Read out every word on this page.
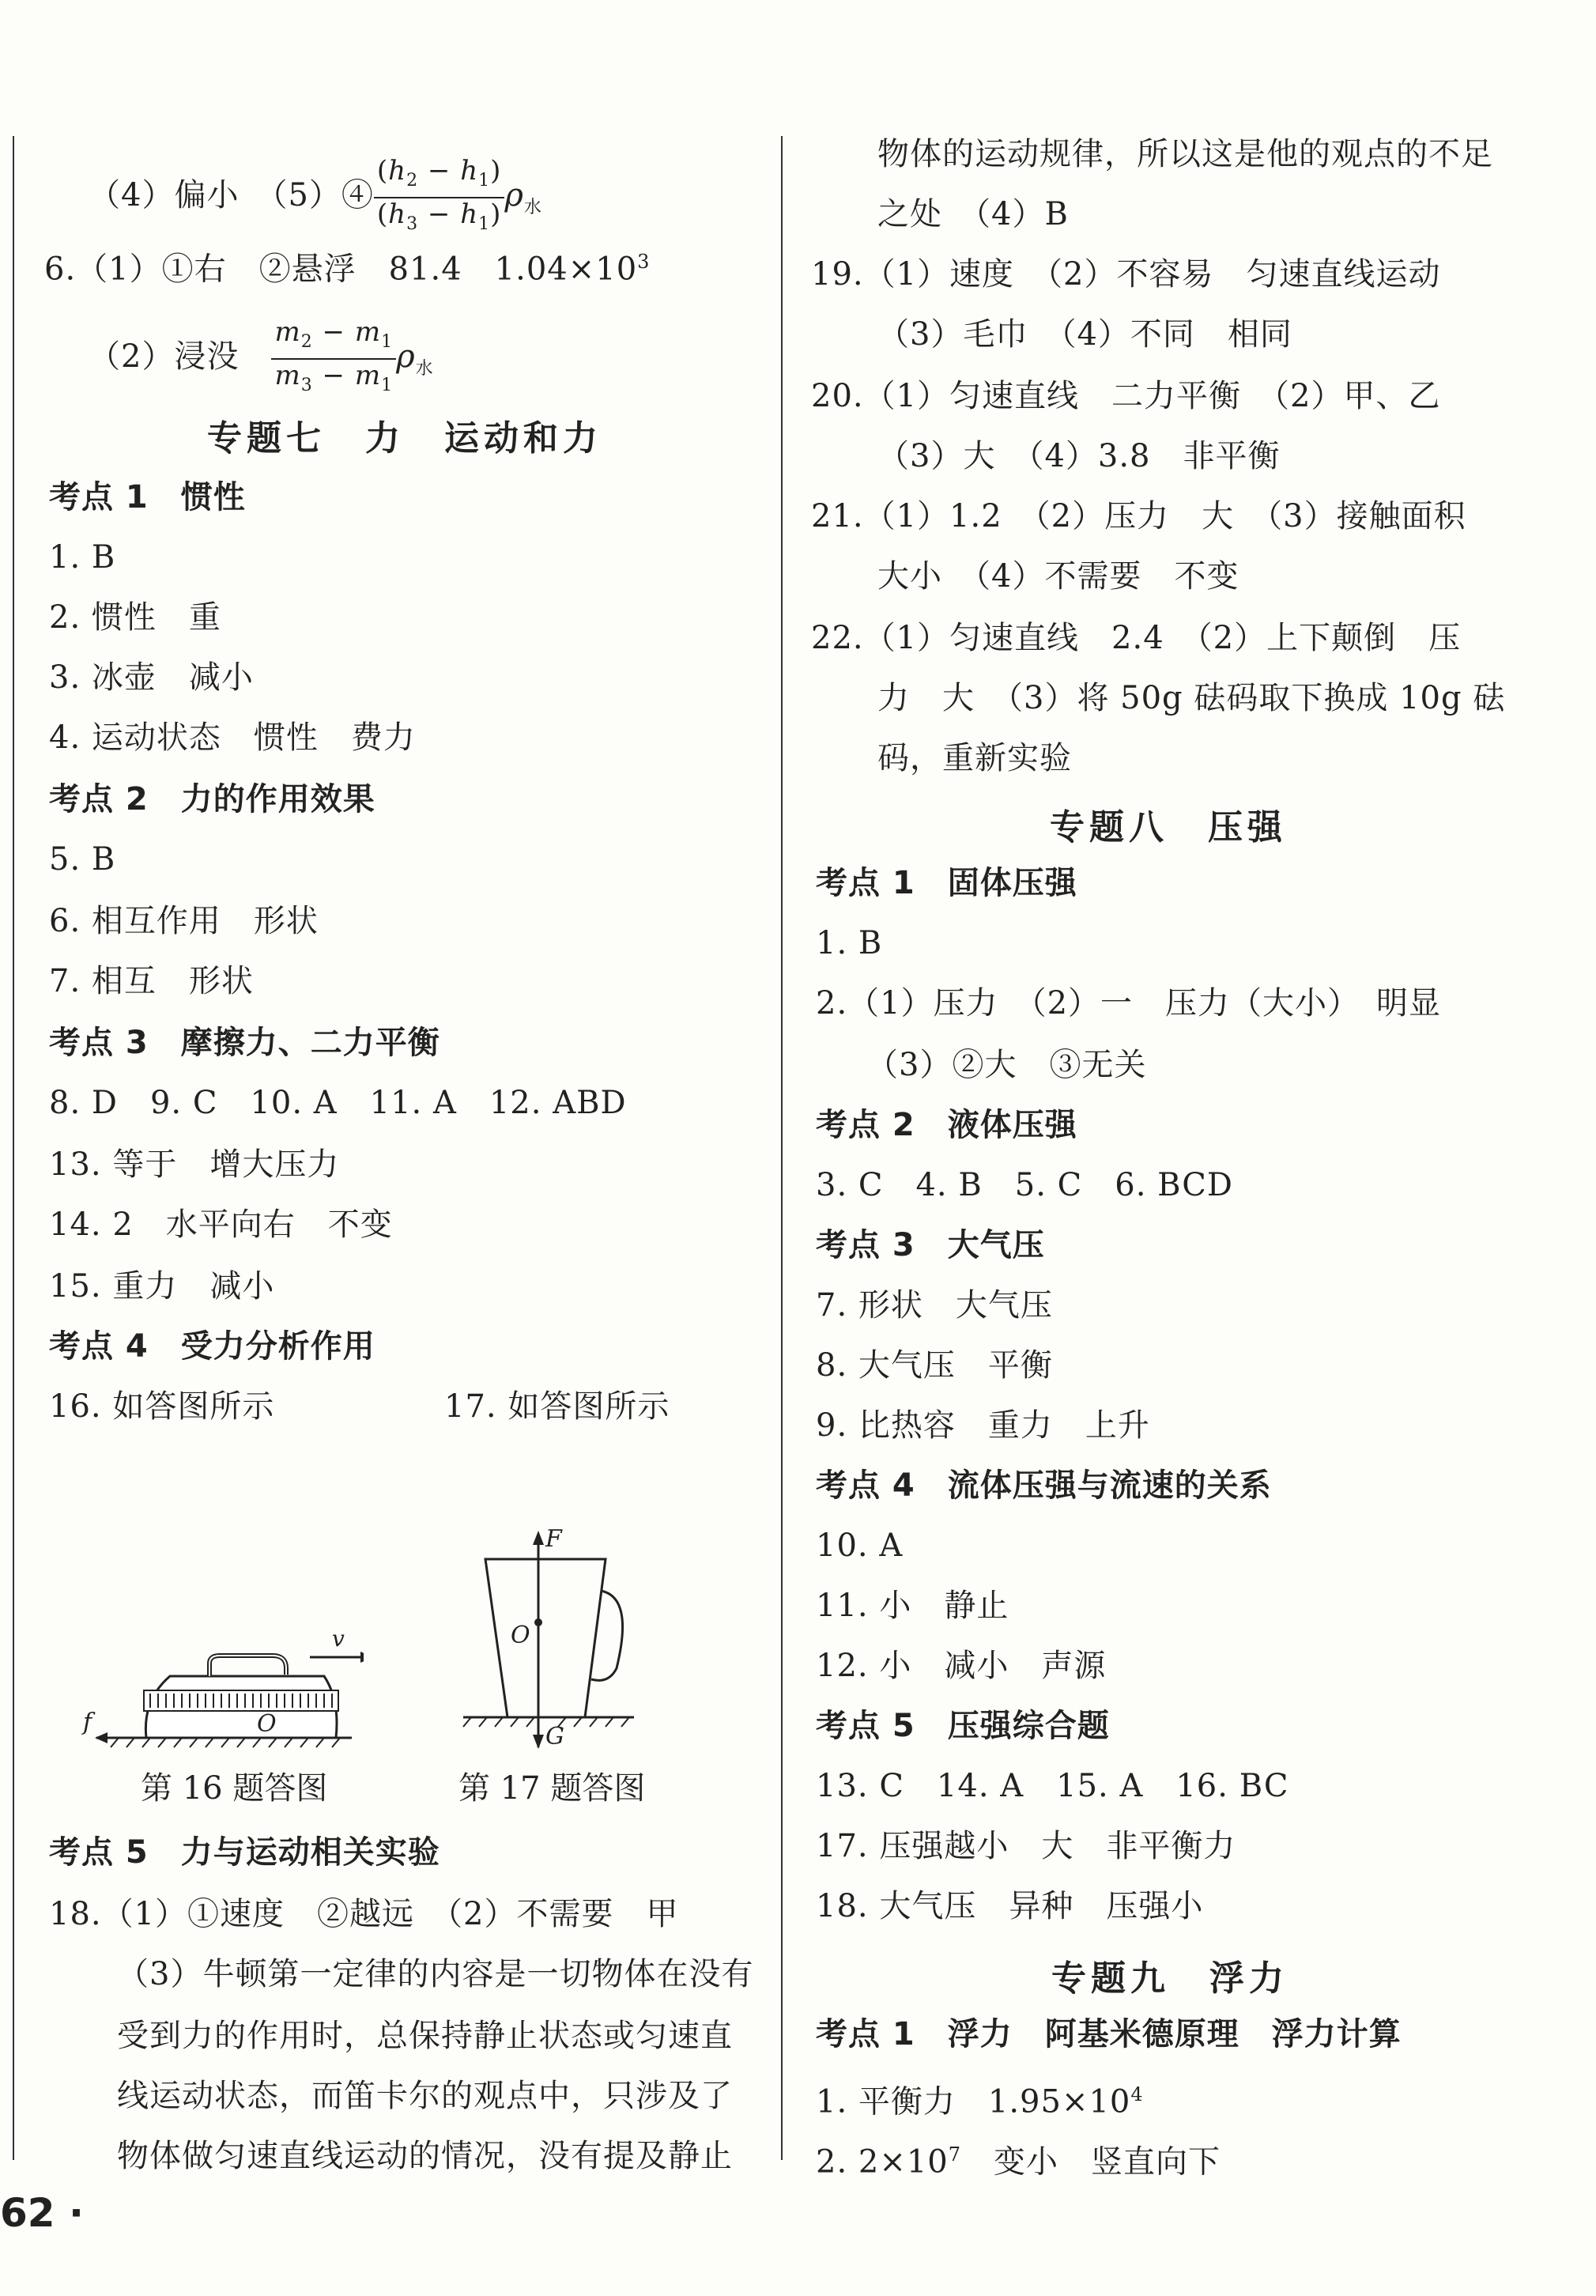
（4）偏小　（5）④ $\frac{(h_2 - h_1)}{(h_3 - h_1)} \rho_水$
6.（1）①右　②悬浮　81.4　$1.04\times 10^3$
（2）浸没　 $\frac{m_2 - m_1}{m_3 - m_1} \rho_水$
专题七　力　运动和力
考点 1　惯性
1. B
2. 惯性　重
3. 冰壶　减小
4. 运动状态　惯性　费力
考点 2　力的作用效果
5. B
6. 相互作用　形状
7. 相互　形状
考点 3　摩擦力、二力平衡
8. D　9. C　10. A　11. A　12. ABD
13. 等于　增大压力
14. 2　水平向右　不变
15. 重力　减小
考点 4　受力分析作用
16. 如答图所示	17. 如答图所示
v
f	O
F
O
G
第 16 题答图	第 17 题答图
考点 5　力与运动相关实验
18.（1）①速度　②越远　（2）不需要　甲
（3）牛顿第一定律的内容是一切物体在没有
受到力的作用时，总保持静止状态或匀速直
线运动状态，而笛卡尔的观点中，只涉及了
物体做匀速直线运动的情况，没有提及静止
物体的运动规律，所以这是他的观点的不足
之处　（4）B
19.（1）速度　（2）不容易　匀速直线运动
（3）毛巾　（4）不同　相同
20.（1）匀速直线　二力平衡　（2）甲、乙
（3）大　（4）3.8　非平衡
21.（1）1.2　（2）压力　大　（3）接触面积
大小　（4）不需要　不变
22.（1）匀速直线　2.4　（2）上下颠倒　压
力　大　（3）将 50g 砝码取下换成 10g 砝
码，重新实验
专题八　压强
考点 1　固体压强
1. B
2.（1）压力　（2）一　压力（大小）　明显
（3）②大　③无关
考点 2　液体压强
3. C　4. B　5. C　6. BCD
考点 3　大气压
7. 形状　大气压
8. 大气压　平衡
9. 比热容　重力　上升
考点 4　流体压强与流速的关系
10. A
11. 小　静止
12. 小　减小　声源
考点 5　压强综合题
13. C　14. A　15. A　16. BC
17. 压强越小　大　非平衡力
18. 大气压　异种　压强小
专题九　浮力
考点 1　浮力　阿基米德原理　浮力计算
1. 平衡力　$1.95\times 10^4$
2. $2\times 10^7$　变小　竖直向下
62 ·
